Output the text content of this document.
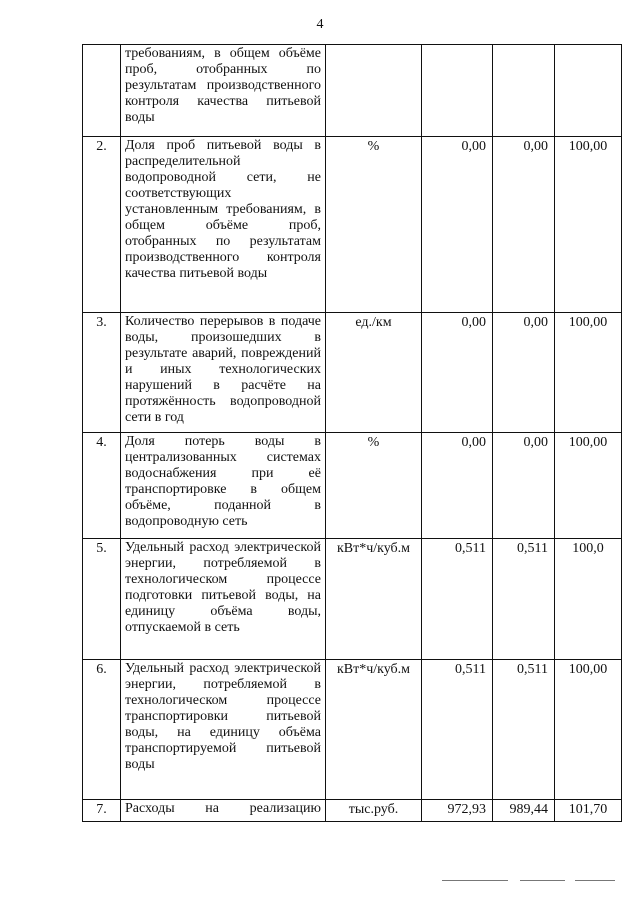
4
	требованиям, в общем объёме проб, отобранных по результатам производственного контроля качества питьевой воды				
2.	Доля проб питьевой воды в распределительной водопроводной сети, не соответствующих установленным требованиям, в общем объёме проб, отобранных по результатам производственного контроля качества питьевой воды	%	0,00	0,00	100,00
3.	Количество перерывов в подаче воды, произошедших в результате аварий, повреждений и иных технологических нарушений в расчёте на протяжённость водопроводной сети в год	ед./км	0,00	0,00	100,00
4.	Доля потерь воды в централизованных системах водоснабжения при её транспортировке в общем объёме, поданной в водопроводную сеть	%	0,00	0,00	100,00
5.	Удельный расход электрической энергии, потребляемой в технологическом процессе подготовки питьевой воды, на единицу объёма воды, отпускаемой в сеть	кВт*ч/куб.м	0,511	0,511	100,0
6.	Удельный расход электрической энергии, потребляемой в технологическом процессе транспортировки питьевой воды, на единицу объёма транспортируемой питьевой воды	кВт*ч/куб.м	0,511	0,511	100,00
7.	Расходы на реализацию	тыс.руб.	972,93	989,44	101,70
